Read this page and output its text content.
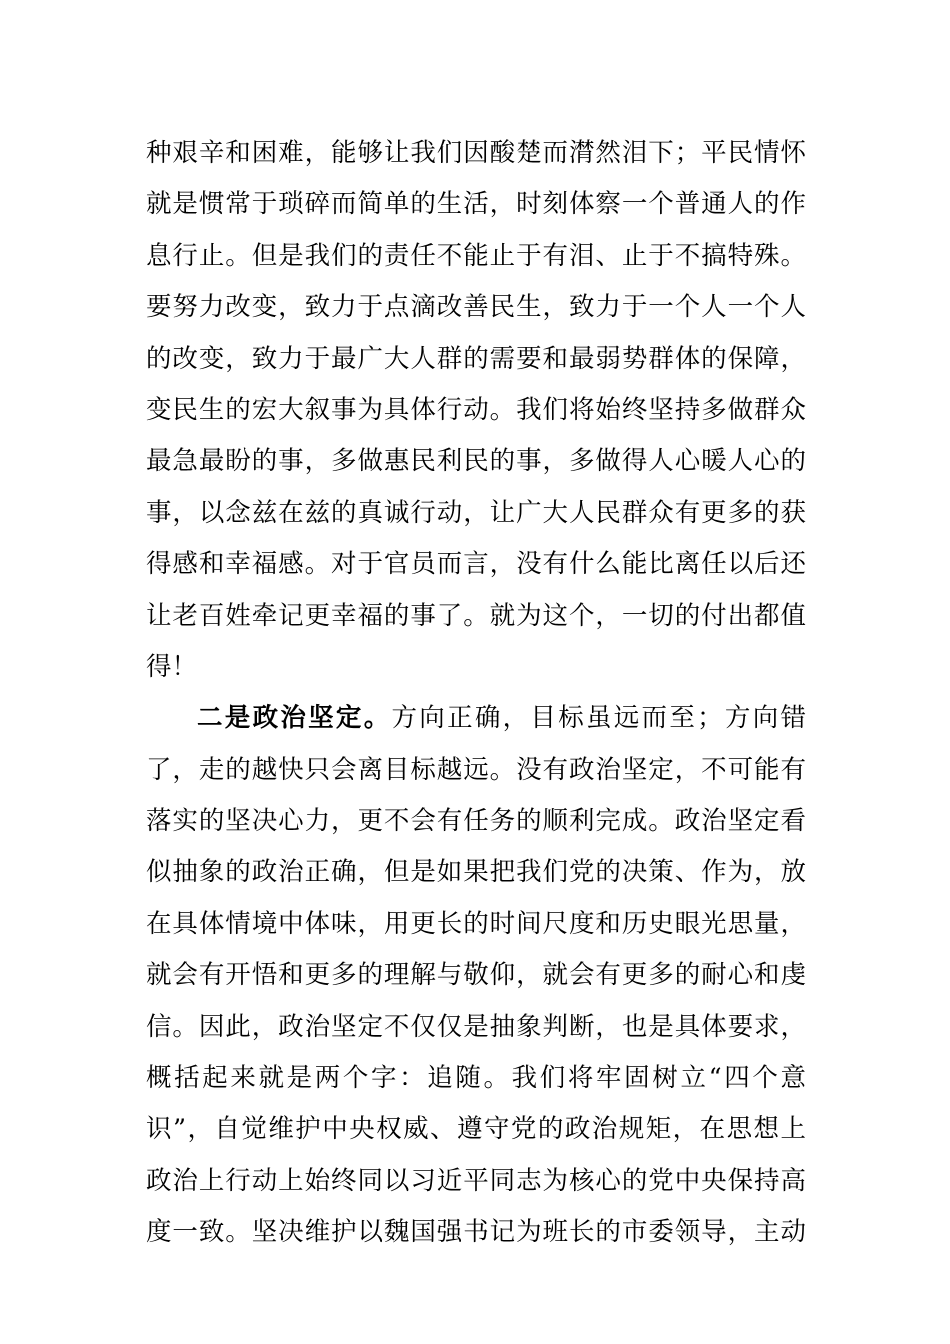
种艰辛和困难，能够让我们因酸楚而潸然泪下；平民情怀
就是惯常于琐碎而简单的生活，时刻体察一个普通人的作
息行止。但是我们的责任不能止于有泪、止于不搞特殊。
要努力改变，致力于点滴改善民生，致力于一个人一个人
的改变，致力于最广大人群的需要和最弱势群体的保障，
变民生的宏大叙事为具体行动。我们将始终坚持多做群众
最急最盼的事，多做惠民利民的事，多做得人心暖人心的
事，以念兹在兹的真诚行动，让广大人民群众有更多的获
得感和幸福感。对于官员而言，没有什么能比离任以后还
让老百姓牵记更幸福的事了。就为这个，一切的付出都值
得！
二是政治坚定。方向正确，目标虽远而至；方向错
了，走的越快只会离目标越远。没有政治坚定，不可能有
落实的坚决心力，更不会有任务的顺利完成。政治坚定看
似抽象的政治正确，但是如果把我们党的决策、作为，放
在具体情境中体味，用更长的时间尺度和历史眼光思量，
就会有开悟和更多的理解与敬仰，就会有更多的耐心和虔
信。因此，政治坚定不仅仅是抽象判断，也是具体要求，
概括起来就是两个字：追随。我们将牢固树立“四个意
识”，自觉维护中央权威、遵守党的政治规矩，在思想上
政治上行动上始终同以习近平同志为核心的党中央保持高
度一致。坚决维护以魏国强书记为班长的市委领导，主动
